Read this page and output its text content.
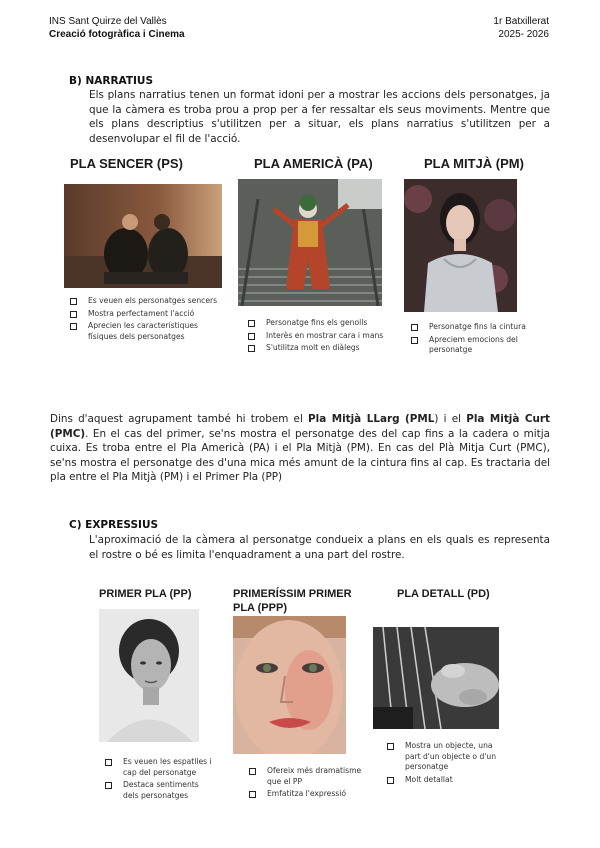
INS Sant Quirze del Vallès
Creació fotogràfica i Cinema
1r Batxillerat
2025- 2026
B) NARRATIUS
Els plans narratius tenen un format idoni per a mostrar les accions dels personatges, ja que la càmera es troba prou a prop per a fer ressaltar els seus moviments. Mentre que els plans descriptius s'utilitzen per a situar, els plans narratius s'utilitzen per a desenvolupar el fil de l'acció.
PLA SENCER (PS)	PLA AMERICÀ (PA)	PLA MITJÀ (PM)
Es veuen els personatges sencers
Mostra perfectament l'acció
Aprecien les característiques físiques dels personatges
Personatge fins els genolls
Interès en mostrar cara i mans
S'utilitza molt en diàlegs
Personatge fins la cintura
Apreciem emocions del personatge
Dins d'aquest agrupament també hi trobem el Pla Mitjà LLarg (PML) i el Pla Mitjà Curt (PMC). En el cas del primer, se'ns mostra el personatge des del cap fins a la cadera o mitja cuixa. Es troba entre el Pla Americà (PA) i el Pla Mitjà (PM). En cas del Plà Mitja Curt (PMC), se'ns mostra el personatge des d'una mica més amunt de la cintura fins al cap. Es tractaria del pla entre el Pla Mitjà (PM) i el Primer Pla (PP)
C) EXPRESSIUS
L'aproximació de la càmera al personatge condueix a plans en els quals es representa el rostre o bé es limita l'enquadrament a una part del rostre.
PRIMER PLA (PP)	PRIMERÍSSIM PRIMER PLA (PPP)
PLA DETALL (PD)
Es veuen les espatlles i cap del personatge
Destaca sentiments dels personatges
Ofereix més dramatisme que el PP
Emfatitza l'expressió
Mostra un objecte, una part d'un objecte o d'un personatge
Molt detallat
